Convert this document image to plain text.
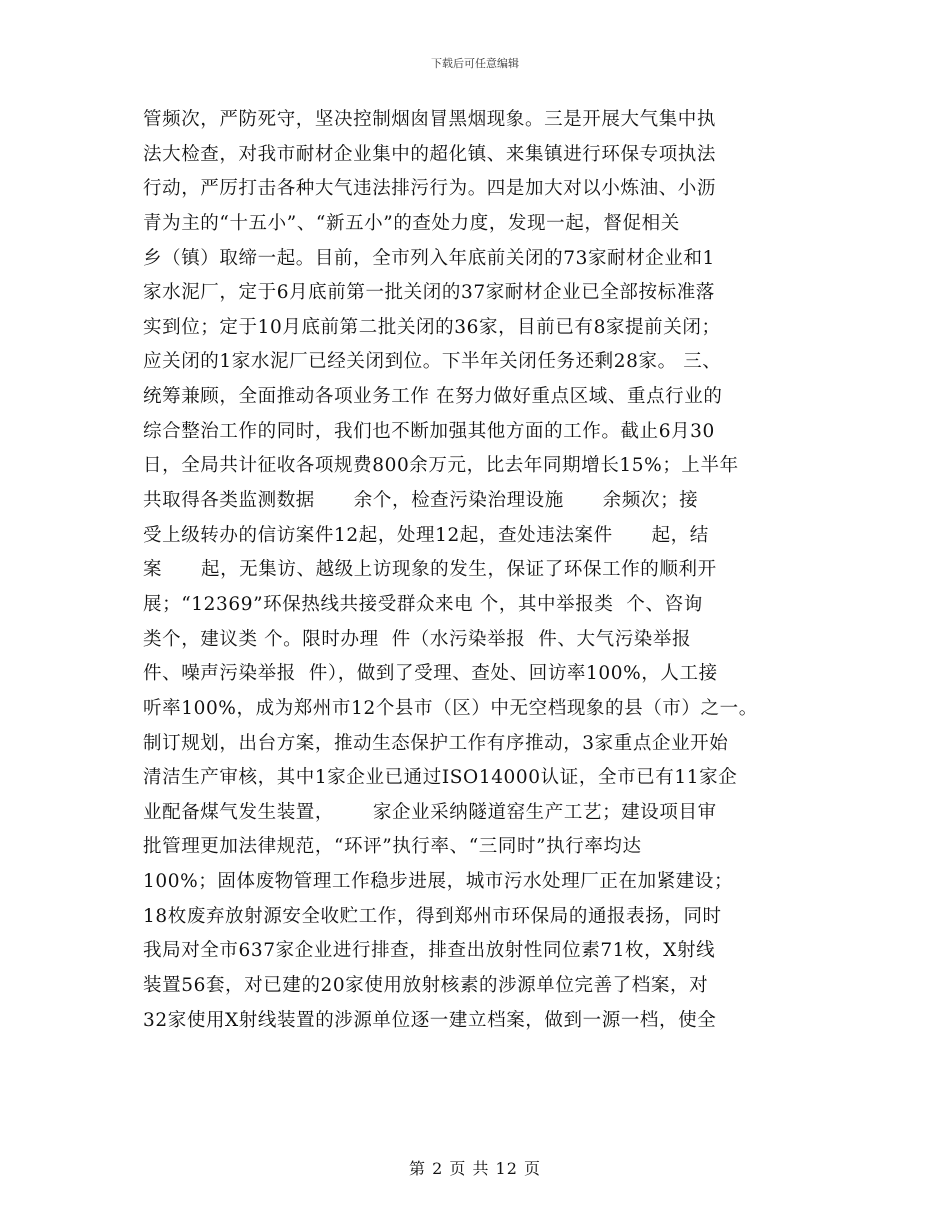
下载后可任意编辑
管频次，严防死守，坚决控制烟囱冒黑烟现象。三是开展大气集中执
法大检查，对我市耐材企业集中的超化镇、来集镇进行环保专项执法
行动，严厉打击各种大气违法排污行为。四是加大对以小炼油、小沥
青为主的“十五小”、“新五小”的查处力度，发现一起，督促相关
乡（镇）取缔一起。目前，全市列入年底前关闭的73家耐材企业和1
家水泥厂，定于6月底前第一批关闭的37家耐材企业已全部按标准落
实到位；定于10月底前第二批关闭的36家，目前已有8家提前关闭；
应关闭的1家水泥厂已经关闭到位。下半年关闭任务还剩28家。 三、
统筹兼顾，全面推动各项业务工作 在努力做好重点区域、重点行业的
综合整治工作的同时，我们也不断加强其他方面的工作。截止6月30
日，全局共计征收各项规费800余万元，比去年同期增长15%；上半年
共取得各类监测数据      余个，检查污染治理设施      余频次；接
受上级转办的信访案件12起，处理12起，查处违法案件      起，结
案      起，无集访、越级上访现象的发生，保证了环保工作的顺利开
展；“12369”环保热线共接受群众来电 个，其中举报类  个、咨询
类个，建议类 个。限时办理  件（水污染举报  件、大气污染举报
件、噪声污染举报  件），做到了受理、查处、回访率100%，人工接
听率100%，成为郑州市12个县市（区）中无空档现象的县（市）之一。
制订规划，出台方案，推动生态保护工作有序推动，3家重点企业开始
清洁生产审核，其中1家企业已通过ISO14000认证，全市已有11家企
业配备煤气发生装置，      家企业采纳隧道窑生产工艺；建设项目审
批管理更加法律规范，“环评”执行率、“三同时”执行率均达
100%；固体废物管理工作稳步进展，城市污水处理厂正在加紧建设；
18枚废弃放射源安全收贮工作，得到郑州市环保局的通报表扬，同时
我局对全市637家企业进行排查，排查出放射性同位素71枚，X射线
装置56套，对已建的20家使用放射核素的涉源单位完善了档案，对
32家使用X射线装置的涉源单位逐一建立档案，做到一源一档，使全
第 2 页 共 12 页
